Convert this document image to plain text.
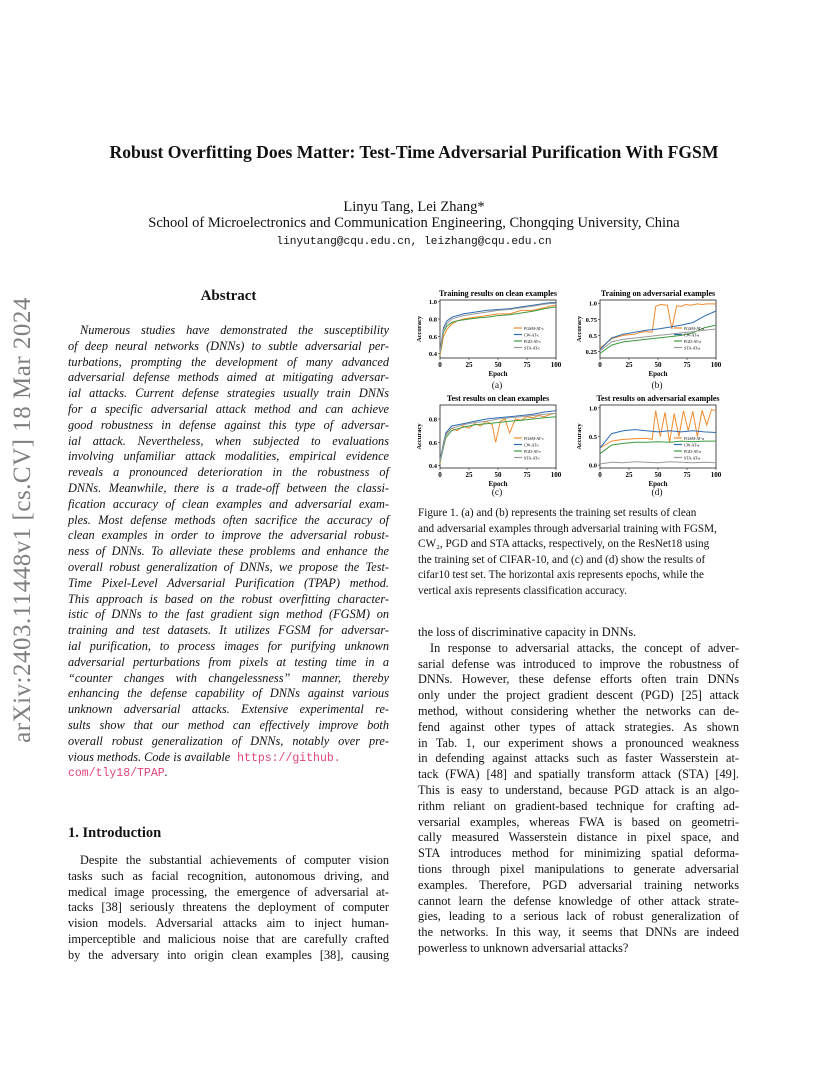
Robust Overfitting Does Matter: Test-Time Adversarial Purification With FGSM
Linyu Tang, Lei Zhang*
School of Microelectronics and Communication Engineering, Chongqing University, China
linyutang@cqu.edu.cn, leizhang@cqu.edu.cn
arXiv:2403.11448v1 [cs.CV] 18 Mar 2024
Abstract
Numerous studies have demonstrated the susceptibility
of deep neural networks (DNNs) to subtle adversarial per-
turbations, prompting the development of many advanced
adversarial defense methods aimed at mitigating adversar-
ial attacks. Current defense strategies usually train DNNs
for a specific adversarial attack method and can achieve
good robustness in defense against this type of adversar-
ial attack. Nevertheless, when subjected to evaluations
involving unfamiliar attack modalities, empirical evidence
reveals a pronounced deterioration in the robustness of
DNNs. Meanwhile, there is a trade-off between the classi-
fication accuracy of clean examples and adversarial exam-
ples. Most defense methods often sacrifice the accuracy of
clean examples in order to improve the adversarial robust-
ness of DNNs. To alleviate these problems and enhance the
overall robust generalization of DNNs, we propose the Test-
Time Pixel-Level Adversarial Purification (TPAP) method.
This approach is based on the robust overfitting character-
istic of DNNs to the fast gradient sign method (FGSM) on
training and test datasets. It utilizes FGSM for adversar-
ial purification, to process images for purifying unknown
adversarial perturbations from pixels at testing time in a
“counter changes with changelessness” manner, thereby
enhancing the defense capability of DNNs against various
unknown adversarial attacks. Extensive experimental re-
sults show that our method can effectively improve both
overall robust generalization of DNNs, notably over pre-
vious methods. Code is available https://github.
com/tly18/TPAP.
1. Introduction
Despite the substantial achievements of computer vision
tasks such as facial recognition, autonomous driving, and
medical image processing, the emergence of adversarial at-
tacks [38] seriously threatens the deployment of computer
vision models. Adversarial attacks aim to inject human-
imperceptible and malicious noise that are carefully crafted
by the adversary into origin clean examples [38], causing
Training results on clean examples
0	25	50	75	100
0.4
0.6
0.8
1.0
Epoch
Accuracy	FGSM-AT-c
CW-AT-c
PGD-AT-c
STA-AT-c
Training on adversarial examples
0	25	50	75	100
0.25
0.5
0.75
1.0
Epoch
Accuracy	FGSM-AT-a
CW-AT-a
PGD-AT-a
STA-AT-a
Test results on clean examples
0	25	50	75	100
0.4
0.6
0.8
Epoch
Accuracy	FGSM-AT-c
CW-AT-c
PGD-AT-c
STA-AT-c
Test results on adversarial examples
0	25	50	75	100
0.0
0.5
1.0
Epoch
Accuracy	FGSM-AT-a
CW-AT-a
PGD-AT-a
STA-AT-a
(a)	(b)
(c)	(d)
Figure 1. (a) and (b) represents the training set results of clean
and adversarial examples through adversarial training with FGSM,
CW₂, PGD and STA attacks, respectively, on the ResNet18 using
the training set of CIFAR-10, and (c) and (d) show the results of
cifar10 test set. The horizontal axis represents epochs, while the
vertical axis represents classification accuracy.
the loss of discriminative capacity in DNNs.
In response to adversarial attacks, the concept of adver-
sarial defense was introduced to improve the robustness of
DNNs. However, these defense efforts often train DNNs
only under the project gradient descent (PGD) [25] attack
method, without considering whether the networks can de-
fend against other types of attack strategies. As shown
in Tab. 1, our experiment shows a pronounced weakness
in defending against attacks such as faster Wasserstein at-
tack (FWA) [48] and spatially transform attack (STA) [49].
This is easy to understand, because PGD attack is an algo-
rithm reliant on gradient-based technique for crafting ad-
versarial examples, whereas FWA is based on geometri-
cally measured Wasserstein distance in pixel space, and
STA introduces method for minimizing spatial deforma-
tions through pixel manipulations to generate adversarial
examples. Therefore, PGD adversarial training networks
cannot learn the defense knowledge of other attack strate-
gies, leading to a serious lack of robust generalization of
the networks. In this way, it seems that DNNs are indeed
powerless to unknown adversarial attacks?
